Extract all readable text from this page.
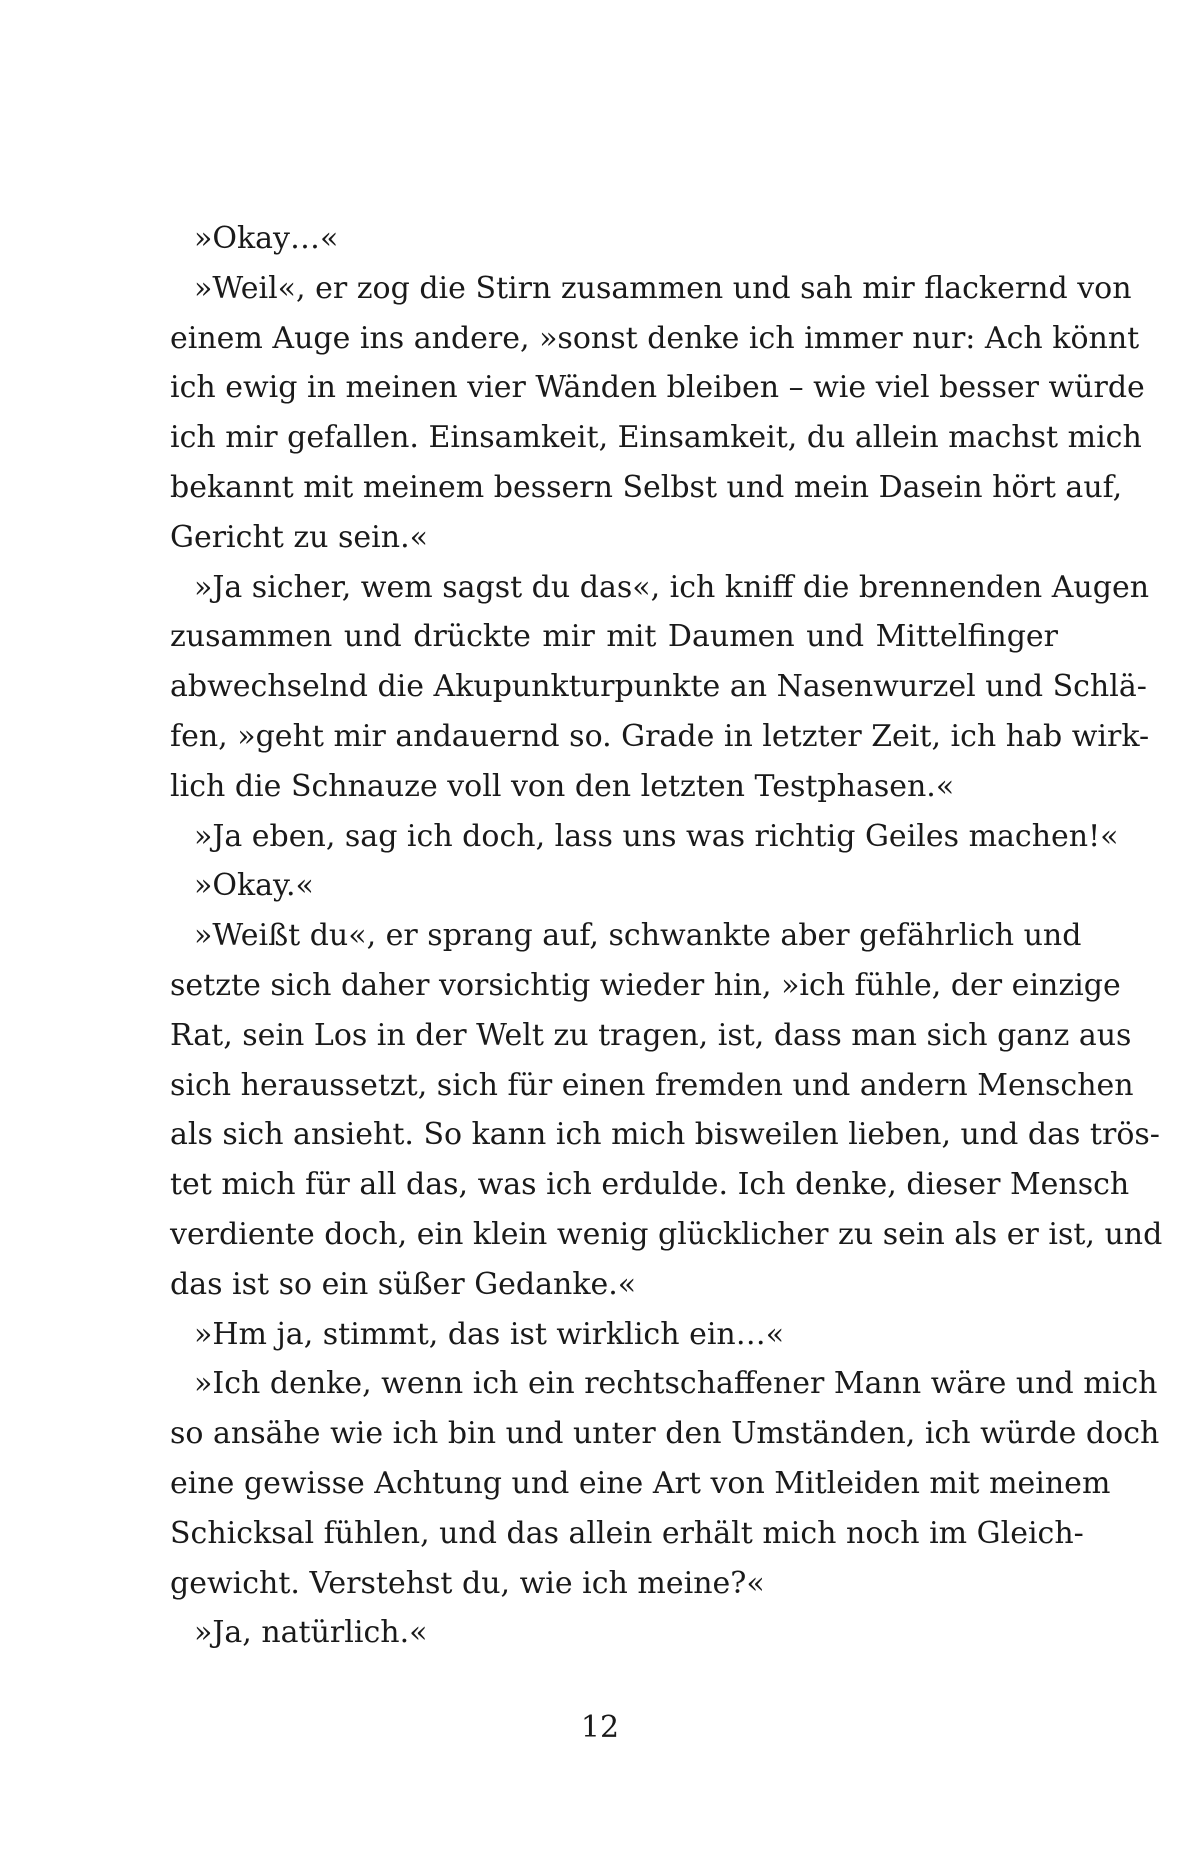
»Okay…«
»Weil«, er zog die Stirn zusammen und sah mir flackernd von
einem Auge ins andere, »sonst denke ich immer nur: Ach könnt
ich ewig in meinen vier Wänden bleiben – wie viel besser würde
ich mir gefallen. Einsamkeit, Einsamkeit, du allein machst mich
bekannt mit meinem bessern Selbst und mein Dasein hört auf,
Gericht zu sein.«
»Ja sicher, wem sagst du das«, ich kniff die brennenden Augen
zusammen und drückte mir mit Daumen und Mittelfinger
abwechselnd die Akupunkturpunkte an Nasenwurzel und Schlä-
fen, »geht mir andauernd so. Grade in letzter Zeit, ich hab wirk-
lich die Schnauze voll von den letzten Testphasen.«
»Ja eben, sag ich doch, lass uns was richtig Geiles machen!«
»Okay.«
»Weißt du«, er sprang auf, schwankte aber gefährlich und
setzte sich daher vorsichtig wieder hin, »ich fühle, der einzige
Rat, sein Los in der Welt zu tragen, ist, dass man sich ganz aus
sich heraussetzt, sich für einen fremden und andern Menschen
als sich ansieht. So kann ich mich bisweilen lieben, und das trös-
tet mich für all das, was ich erdulde. Ich denke, dieser Mensch
verdiente doch, ein klein wenig glücklicher zu sein als er ist, und
das ist so ein süßer Gedanke.«
»Hm ja, stimmt, das ist wirklich ein…«
»Ich denke, wenn ich ein rechtschaffener Mann wäre und mich
so ansähe wie ich bin und unter den Umständen, ich würde doch
eine gewisse Achtung und eine Art von Mitleiden mit meinem
Schicksal fühlen, und das allein erhält mich noch im Gleich-
gewicht. Verstehst du, wie ich meine?«
»Ja, natürlich.«
12
